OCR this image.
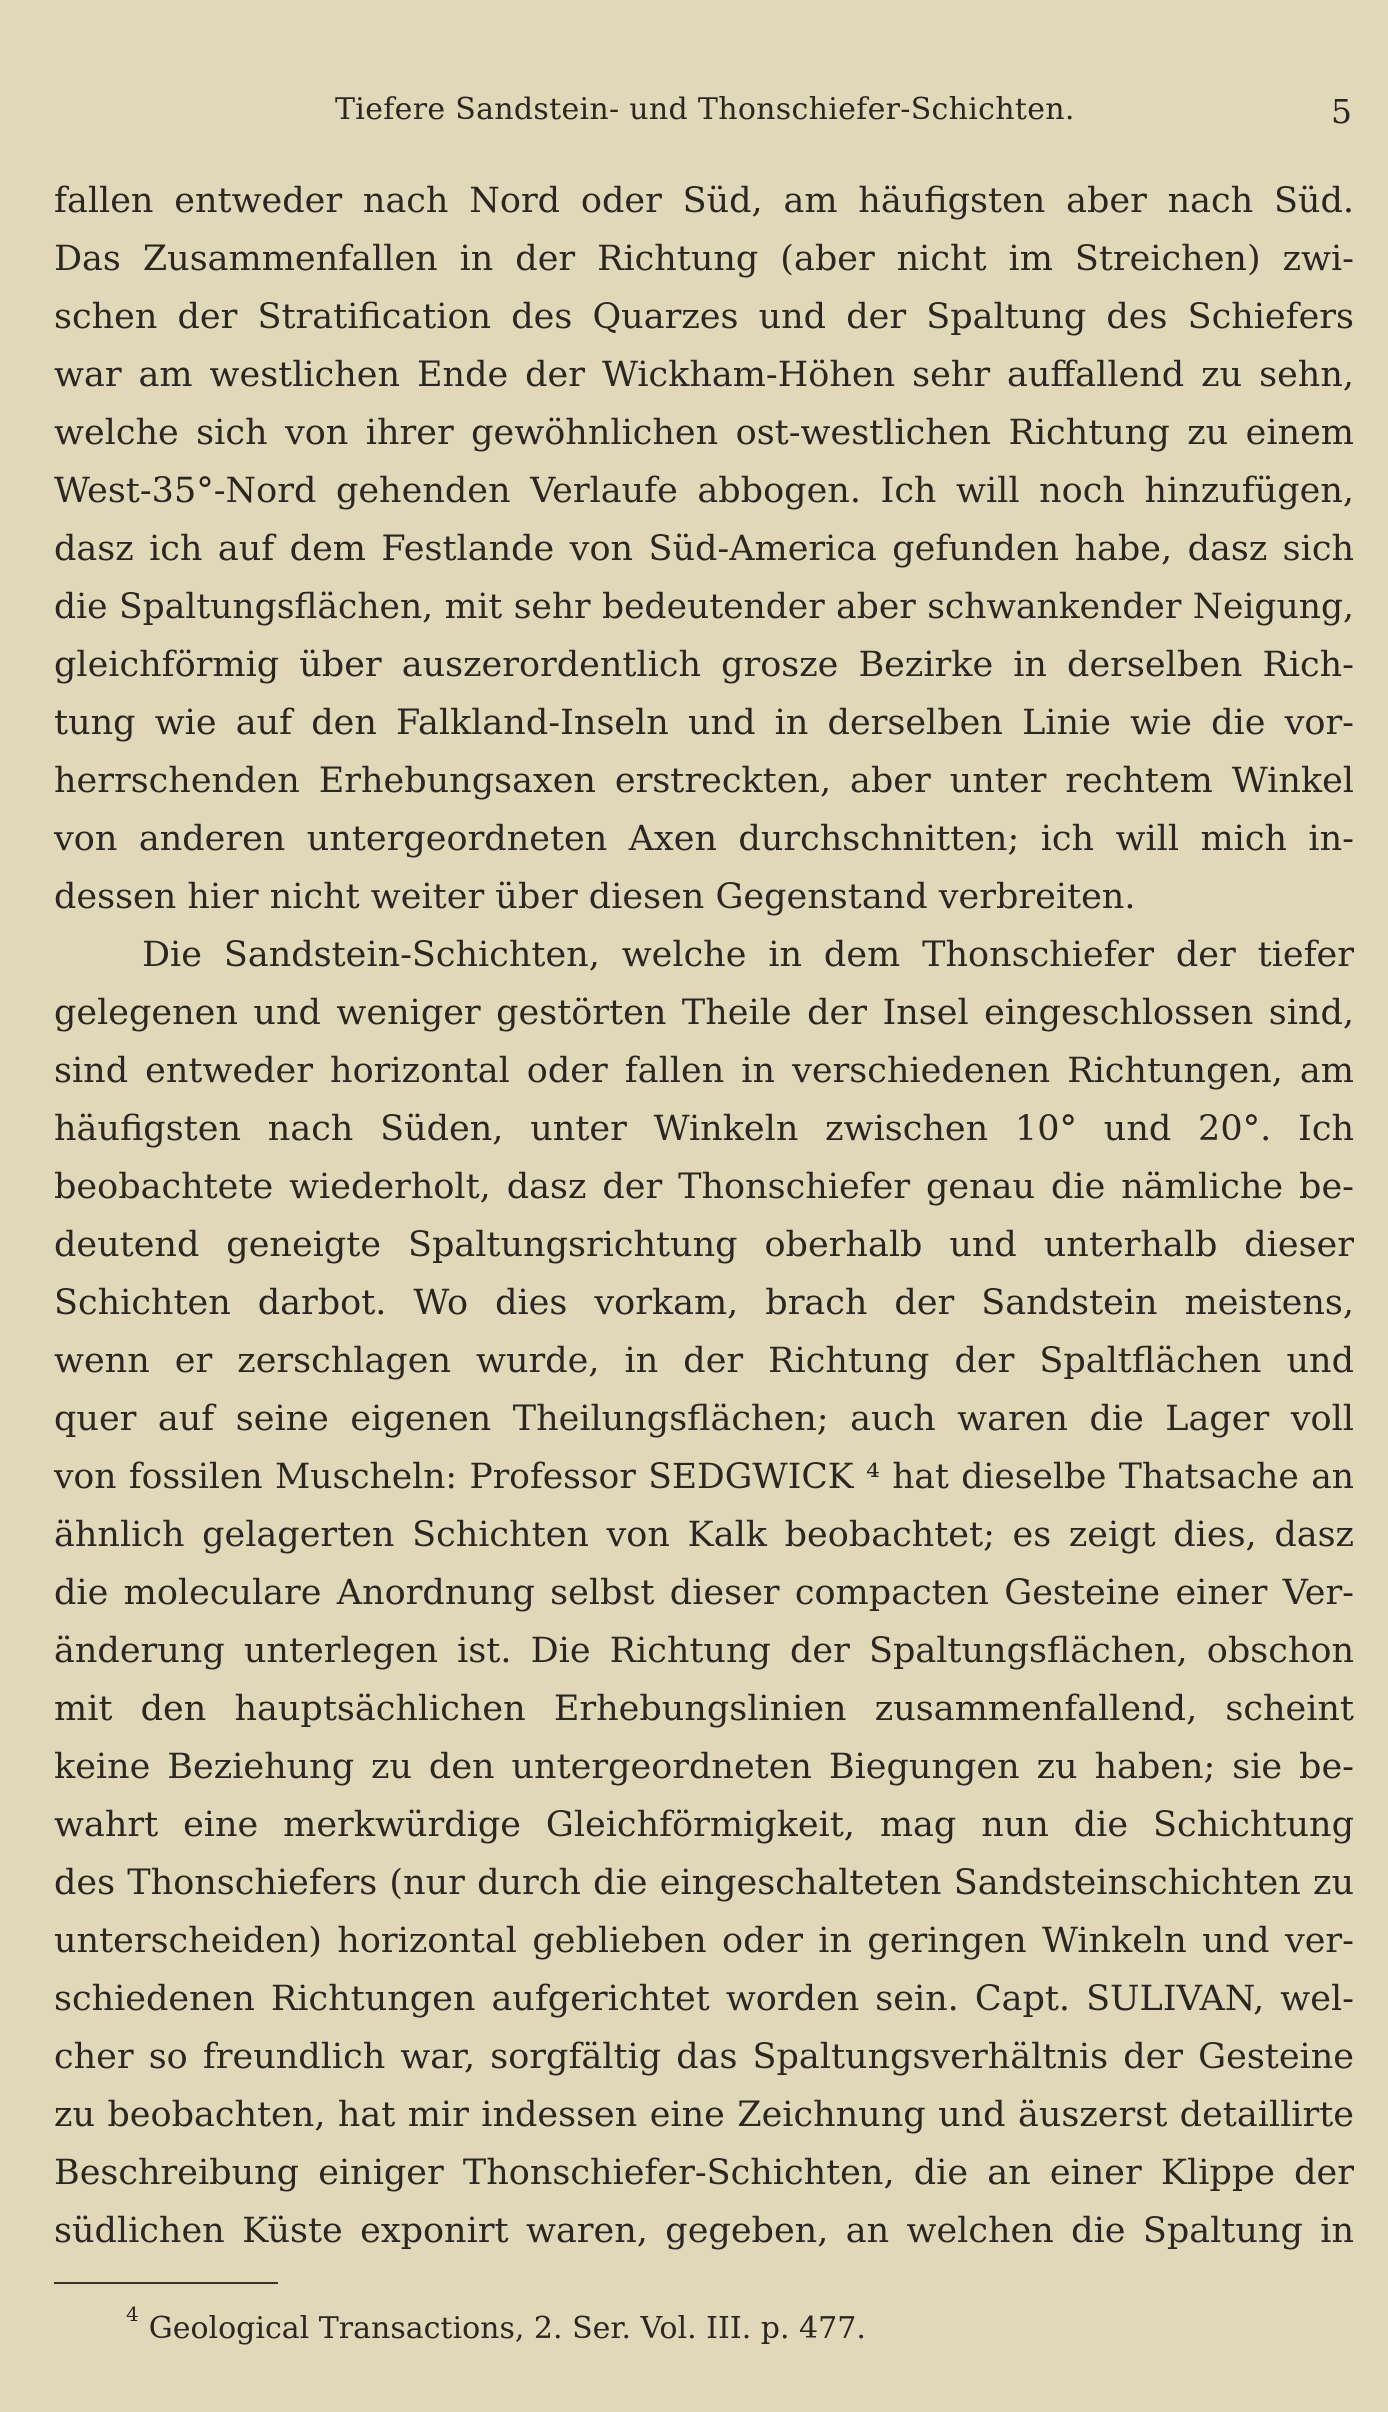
Tiefere Sandstein- und Thonschiefer-Schichten.	5
fallen entweder nach Nord oder Süd, am häufigsten aber nach Süd.
Das Zusammenfallen in der Richtung (aber nicht im Streichen) zwi-
schen der Stratification des Quarzes und der Spaltung des Schiefers
war am westlichen Ende der Wickham-Höhen sehr auffallend zu sehn,
welche sich von ihrer gewöhnlichen ost-westlichen Richtung zu einem
West-35°-Nord gehenden Verlaufe abbogen. Ich will noch hinzufügen,
dasz ich auf dem Festlande von Süd-America gefunden habe, dasz sich
die Spaltungsflächen, mit sehr bedeutender aber schwankender Neigung,
gleichförmig über auszerordentlich grosze Bezirke in derselben Rich-
tung wie auf den Falkland-Inseln und in derselben Linie wie die vor-
herrschenden Erhebungsaxen erstreckten, aber unter rechtem Winkel
von anderen untergeordneten Axen durchschnitten; ich will mich in-
dessen hier nicht weiter über diesen Gegenstand verbreiten.
Die Sandstein-Schichten, welche in dem Thonschiefer der tiefer
gelegenen und weniger gestörten Theile der Insel eingeschlossen sind,
sind entweder horizontal oder fallen in verschiedenen Richtungen, am
häufigsten nach Süden, unter Winkeln zwischen 10° und 20°. Ich
beobachtete wiederholt, dasz der Thonschiefer genau die nämliche be-
deutend geneigte Spaltungsrichtung oberhalb und unterhalb dieser
Schichten darbot. Wo dies vorkam, brach der Sandstein meistens,
wenn er zerschlagen wurde, in der Richtung der Spaltflächen und
quer auf seine eigenen Theilungsflächen; auch waren die Lager voll
von fossilen Muscheln: Professor SEDGWICK ⁴ hat dieselbe Thatsache an
ähnlich gelagerten Schichten von Kalk beobachtet; es zeigt dies, dasz
die moleculare Anordnung selbst dieser compacten Gesteine einer Ver-
änderung unterlegen ist. Die Richtung der Spaltungsflächen, obschon
mit den hauptsächlichen Erhebungslinien zusammenfallend, scheint
keine Beziehung zu den untergeordneten Biegungen zu haben; sie be-
wahrt eine merkwürdige Gleichförmigkeit, mag nun die Schichtung
des Thonschiefers (nur durch die eingeschalteten Sandsteinschichten zu
unterscheiden) horizontal geblieben oder in geringen Winkeln und ver-
schiedenen Richtungen aufgerichtet worden sein. Capt. SULIVAN, wel-
cher so freundlich war, sorgfältig das Spaltungsverhältnis der Gesteine
zu beobachten, hat mir indessen eine Zeichnung und äuszerst detaillirte
Beschreibung einiger Thonschiefer-Schichten, die an einer Klippe der
südlichen Küste exponirt waren, gegeben, an welchen die Spaltung in
$^4$ Geological Transactions, 2. Ser. Vol. III. p. 477.
